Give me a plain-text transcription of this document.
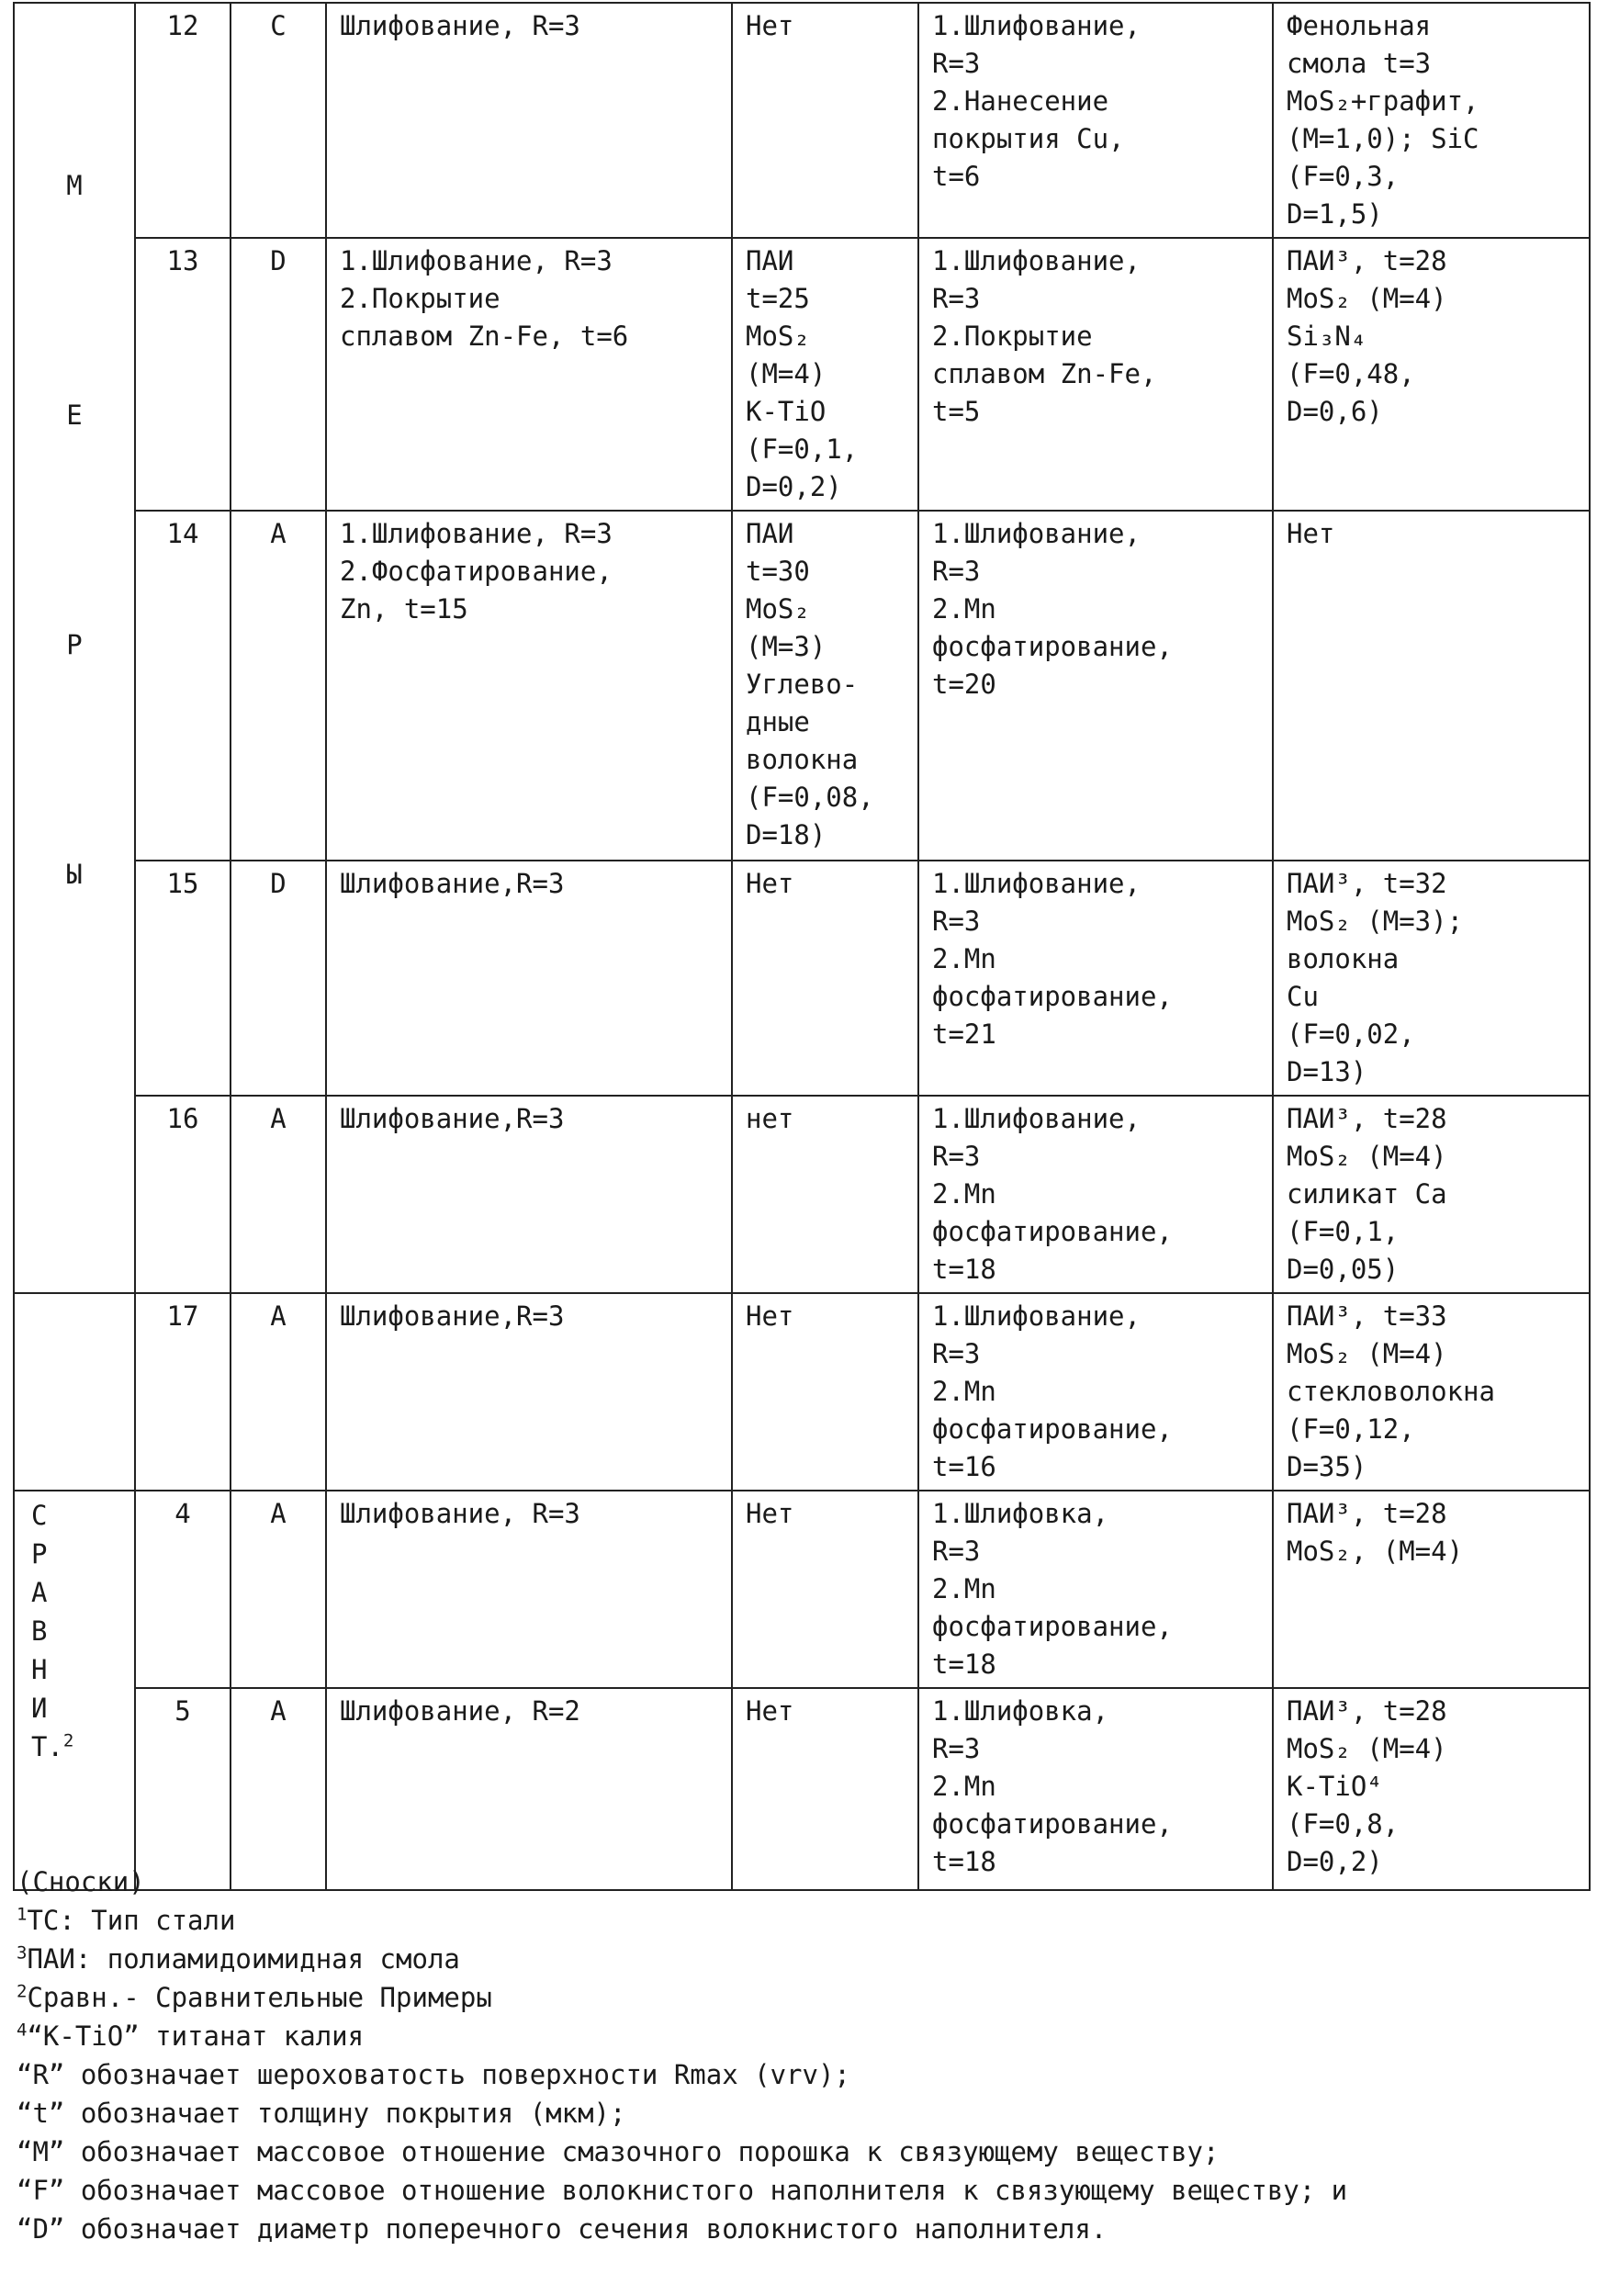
М

Е

Р

Ы

	12	C	Шлифование, R=3	Нет	1.Шлифование,
R=3
2.Нанесение
покрытия Cu,
t=6	Фенольная
смола t=3
MoS₂+графит,
(M=1,0); SiC
(F=0,3,
D=1,5)
13	D	1.Шлифование, R=3
2.Покрытие
сплавом Zn-Fe, t=6	ПАИ
t=25
MoS₂
(M=4)
K-TiO
(F=0,1,
D=0,2)	1.Шлифование,
R=3
2.Покрытие
сплавом Zn-Fe,
t=5	ПАИ³, t=28
MoS₂ (M=4)
Si₃N₄
(F=0,48,
D=0,6)
14	A	1.Шлифование, R=3
2.Фосфатирование,
Zn, t=15	ПАИ
t=30
MoS₂
(M=3)
Углево-
дные
волокна
(F=0,08,
D=18)	1.Шлифование,
R=3
2.Mn
фосфатирование,
t=20	Нет
15	D	Шлифование,R=3	Нет	1.Шлифование,
R=3
2.Mn
фосфатирование,
t=21	ПАИ³, t=32
MoS₂ (M=3);
волокна
Cu
(F=0,02,
D=13)
16	A	Шлифование,R=3	нет	1.Шлифование,
R=3
2.Mn
фосфатирование,
t=18	ПАИ³, t=28
MoS₂ (M=4)
силикат Ca
(F=0,1,
D=0,05)
	17	A	Шлифование,R=3	Нет	1.Шлифование,
R=3
2.Mn
фосфатирование,
t=16	ПАИ³, t=33
MoS₂ (M=4)
стекловолокна
(F=0,12,
D=35)

С

Р

А

В

Н

И

Т.2

	4	A	Шлифование, R=3	Нет	1.Шлифовка,
R=3
2.Mn
фосфатирование,
t=18	ПАИ³, t=28
MoS₂, (M=4)
5	A	Шлифование, R=2	Нет	1.Шлифовка,
R=3
2.Mn
фосфатирование,
t=18	ПАИ³, t=28
MoS₂ (M=4)
K-TiO⁴
(F=0,8,
D=0,2)
(Сноски)
1ТС: Тип стали
3ПАИ: полиамидоимидная смола
2Сравн.- Сравнительные Примеры
4“K-TiO” титанат калия
“R” обозначает шероховатость поверхности Rmax (vrv);
“t” обозначает толщину покрытия (мкм);
“M” обозначает массовое отношение смазочного порошка к связующему веществу;
“F” обозначает массовое отношение волокнистого наполнителя к связующему веществу; и
“D” обозначает диаметр поперечного сечения волокнистого наполнителя.
